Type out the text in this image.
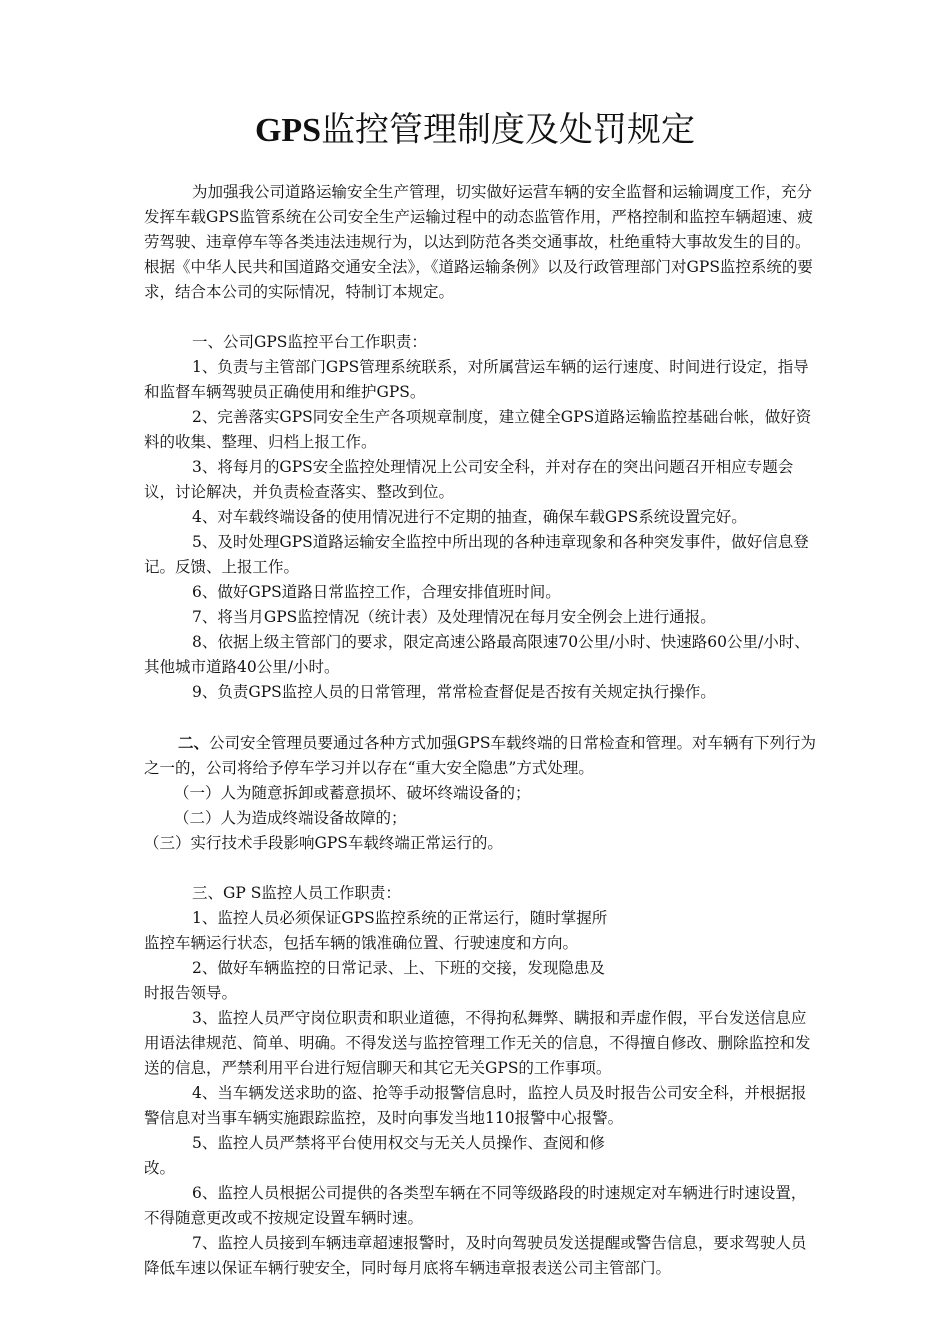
GPS监控管理制度及处罚规定

为加强我公司道路运输安全生产管理，切实做好运营车辆的安全监督和运输调度工作，充分发挥车载GPS监管系统在公司安全生产运输过程中的动态监管作用，严格控制和监控车辆超速、疲劳驾驶、违章停车等各类违法违规行为，以达到防范各类交通事故，杜绝重特大事故发生的目的。根据《中华人民共和国道路交通安全法》，《道路运输条例》以及行政管理部门对GPS监控系统的要求，结合本公司的实际情况，特制订本规定。

一、公司GPS监控平台工作职责：

1、负责与主管部门GPS管理系统联系，对所属营运车辆的运行速度、时间进行设定，指导和监督车辆驾驶员正确使用和维护GPS。

2、完善落实GPS同安全生产各项规章制度，建立健全GPS道路运输监控基础台帐，做好资料的收集、整理、归档上报工作。

3、将每月的GPS安全监控处理情况上公司安全科，并对存在的突出问题召开相应专题会议，讨论解决，并负责检查落实、整改到位。

4、对车载终端设备的使用情况进行不定期的抽查，确保车载GPS系统设置完好。

5、及时处理GPS道路运输安全监控中所出现的各种违章现象和各种突发事件，做好信息登记。反馈、上报工作。

6、做好GPS道路日常监控工作，合理安排值班时间。

7、将当月GPS监控情况（统计表）及处理情况在每月安全例会上进行通报。

8、依据上级主管部门的要求，限定高速公路最高限速70公里/小时、快速路60公里/小时、其他城市道路40公里/小时。

9、负责GPS监控人员的日常管理，常常检查督促是否按有关规定执行操作。

二、公司安全管理员要通过各种方式加强GPS车载终端的日常检查和管理。对车辆有下列行为之一的，公司将给予停车学习并以存在“重大安全隐患”方式处理。

（一）人为随意拆卸或蓄意损坏、破坏终端设备的；

（二）人为造成终端设备故障的；

（三）实行技术手段影响GPS车载终端正常运行的。

三、GP S监控人员工作职责：

1、监控人员必须保证GPS监控系统的正常运行，随时掌握所

监控车辆运行状态，包括车辆的饿准确位置、行驶速度和方向。

2、做好车辆监控的日常记录、上、下班的交接，发现隐患及

时报告领导。

3、监控人员严守岗位职责和职业道德，不得拘私舞弊、瞒报和弄虚作假，平台发送信息应用语法律规范、简单、明确。不得发送与监控管理工作无关的信息，不得擅自修改、删除监控和发送的信息，严禁利用平台进行短信聊天和其它无关GPS的工作事项。

4、当车辆发送求助的盗、抢等手动报警信息时，监控人员及时报告公司安全科，并根据报警信息对当事车辆实施跟踪监控，及时向事发当地110报警中心报警。

5、监控人员严禁将平台使用权交与无关人员操作、查阅和修

改。

6、监控人员根据公司提供的各类型车辆在不同等级路段的时速规定对车辆进行时速设置，不得随意更改或不按规定设置车辆时速。

7、监控人员接到车辆违章超速报警时，及时向驾驶员发送提醒或警告信息，要求驾驶人员降低车速以保证车辆行驶安全，同时每月底将车辆违章报表送公司主管部门。
